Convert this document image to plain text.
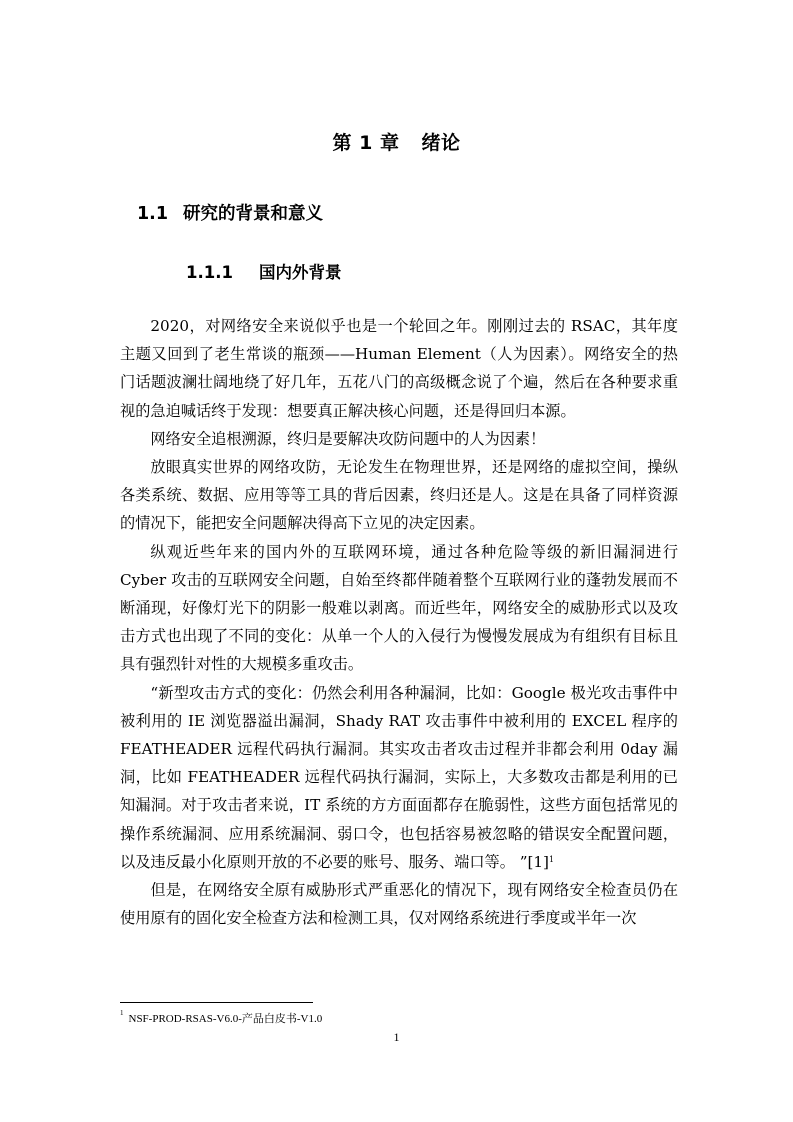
第 1 章 绪论
1.1 研究的背景和意义
1.1.1 国内外背景

2020，对网络安全来说似乎也是一个轮回之年。刚刚过去的 RSAC，其年度主题又回到了老生常谈的瓶颈——Human Element（人为因素）。网络安全的热门话题波澜壮阔地绕了好几年，五花八门的高级概念说了个遍，然后在各种要求重视的急迫喊话终于发现：想要真正解决核心问题，还是得回归本源。

网络安全追根溯源，终归是要解决攻防问题中的人为因素！

放眼真实世界的网络攻防，无论发生在物理世界，还是网络的虚拟空间，操纵各类系统、数据、应用等等工具的背后因素，终归还是人。这是在具备了同样资源的情况下，能把安全问题解决得高下立见的决定因素。

纵观近些年来的国内外的互联网环境，通过各种危险等级的新旧漏洞进行 Cyber 攻击的互联网安全问题，自始至终都伴随着整个互联网行业的蓬勃发展而不断涌现，好像灯光下的阴影一般难以剥离。而近些年，网络安全的威胁形式以及攻击方式也出现了不同的变化：从单一个人的入侵行为慢慢发展成为有组织有目标且具有强烈针对性的大规模多重攻击。

“新型攻击方式的变化：仍然会利用各种漏洞，比如：Google 极光攻击事件中被利用的 IE 浏览器溢出漏洞，Shady RAT 攻击事件中被利用的 EXCEL 程序的 FEATHEADER 远程代码执行漏洞。其实攻击者攻击过程并非都会利用 0day 漏洞，比如 FEATHEADER 远程代码执行漏洞，实际上，大多数攻击都是利用的已知漏洞。对于攻击者来说，IT 系统的方方面面都存在脆弱性，这些方面包括常见的操作系统漏洞、应用系统漏洞、弱口令，也包括容易被忽略的错误安全配置问题，以及违反最小化原则开放的不必要的账号、服务、端口等。 ”[1]$^1$

但是，在网络安全原有威胁形式严重恶化的情况下，现有网络安全检查员仍在使用原有的固化安全检查方法和检测工具，仅对网络系统进行季度或半年一次

$^1$ NSF-PROD-RSAS-V6.0-产品白皮书-V1.0
1
